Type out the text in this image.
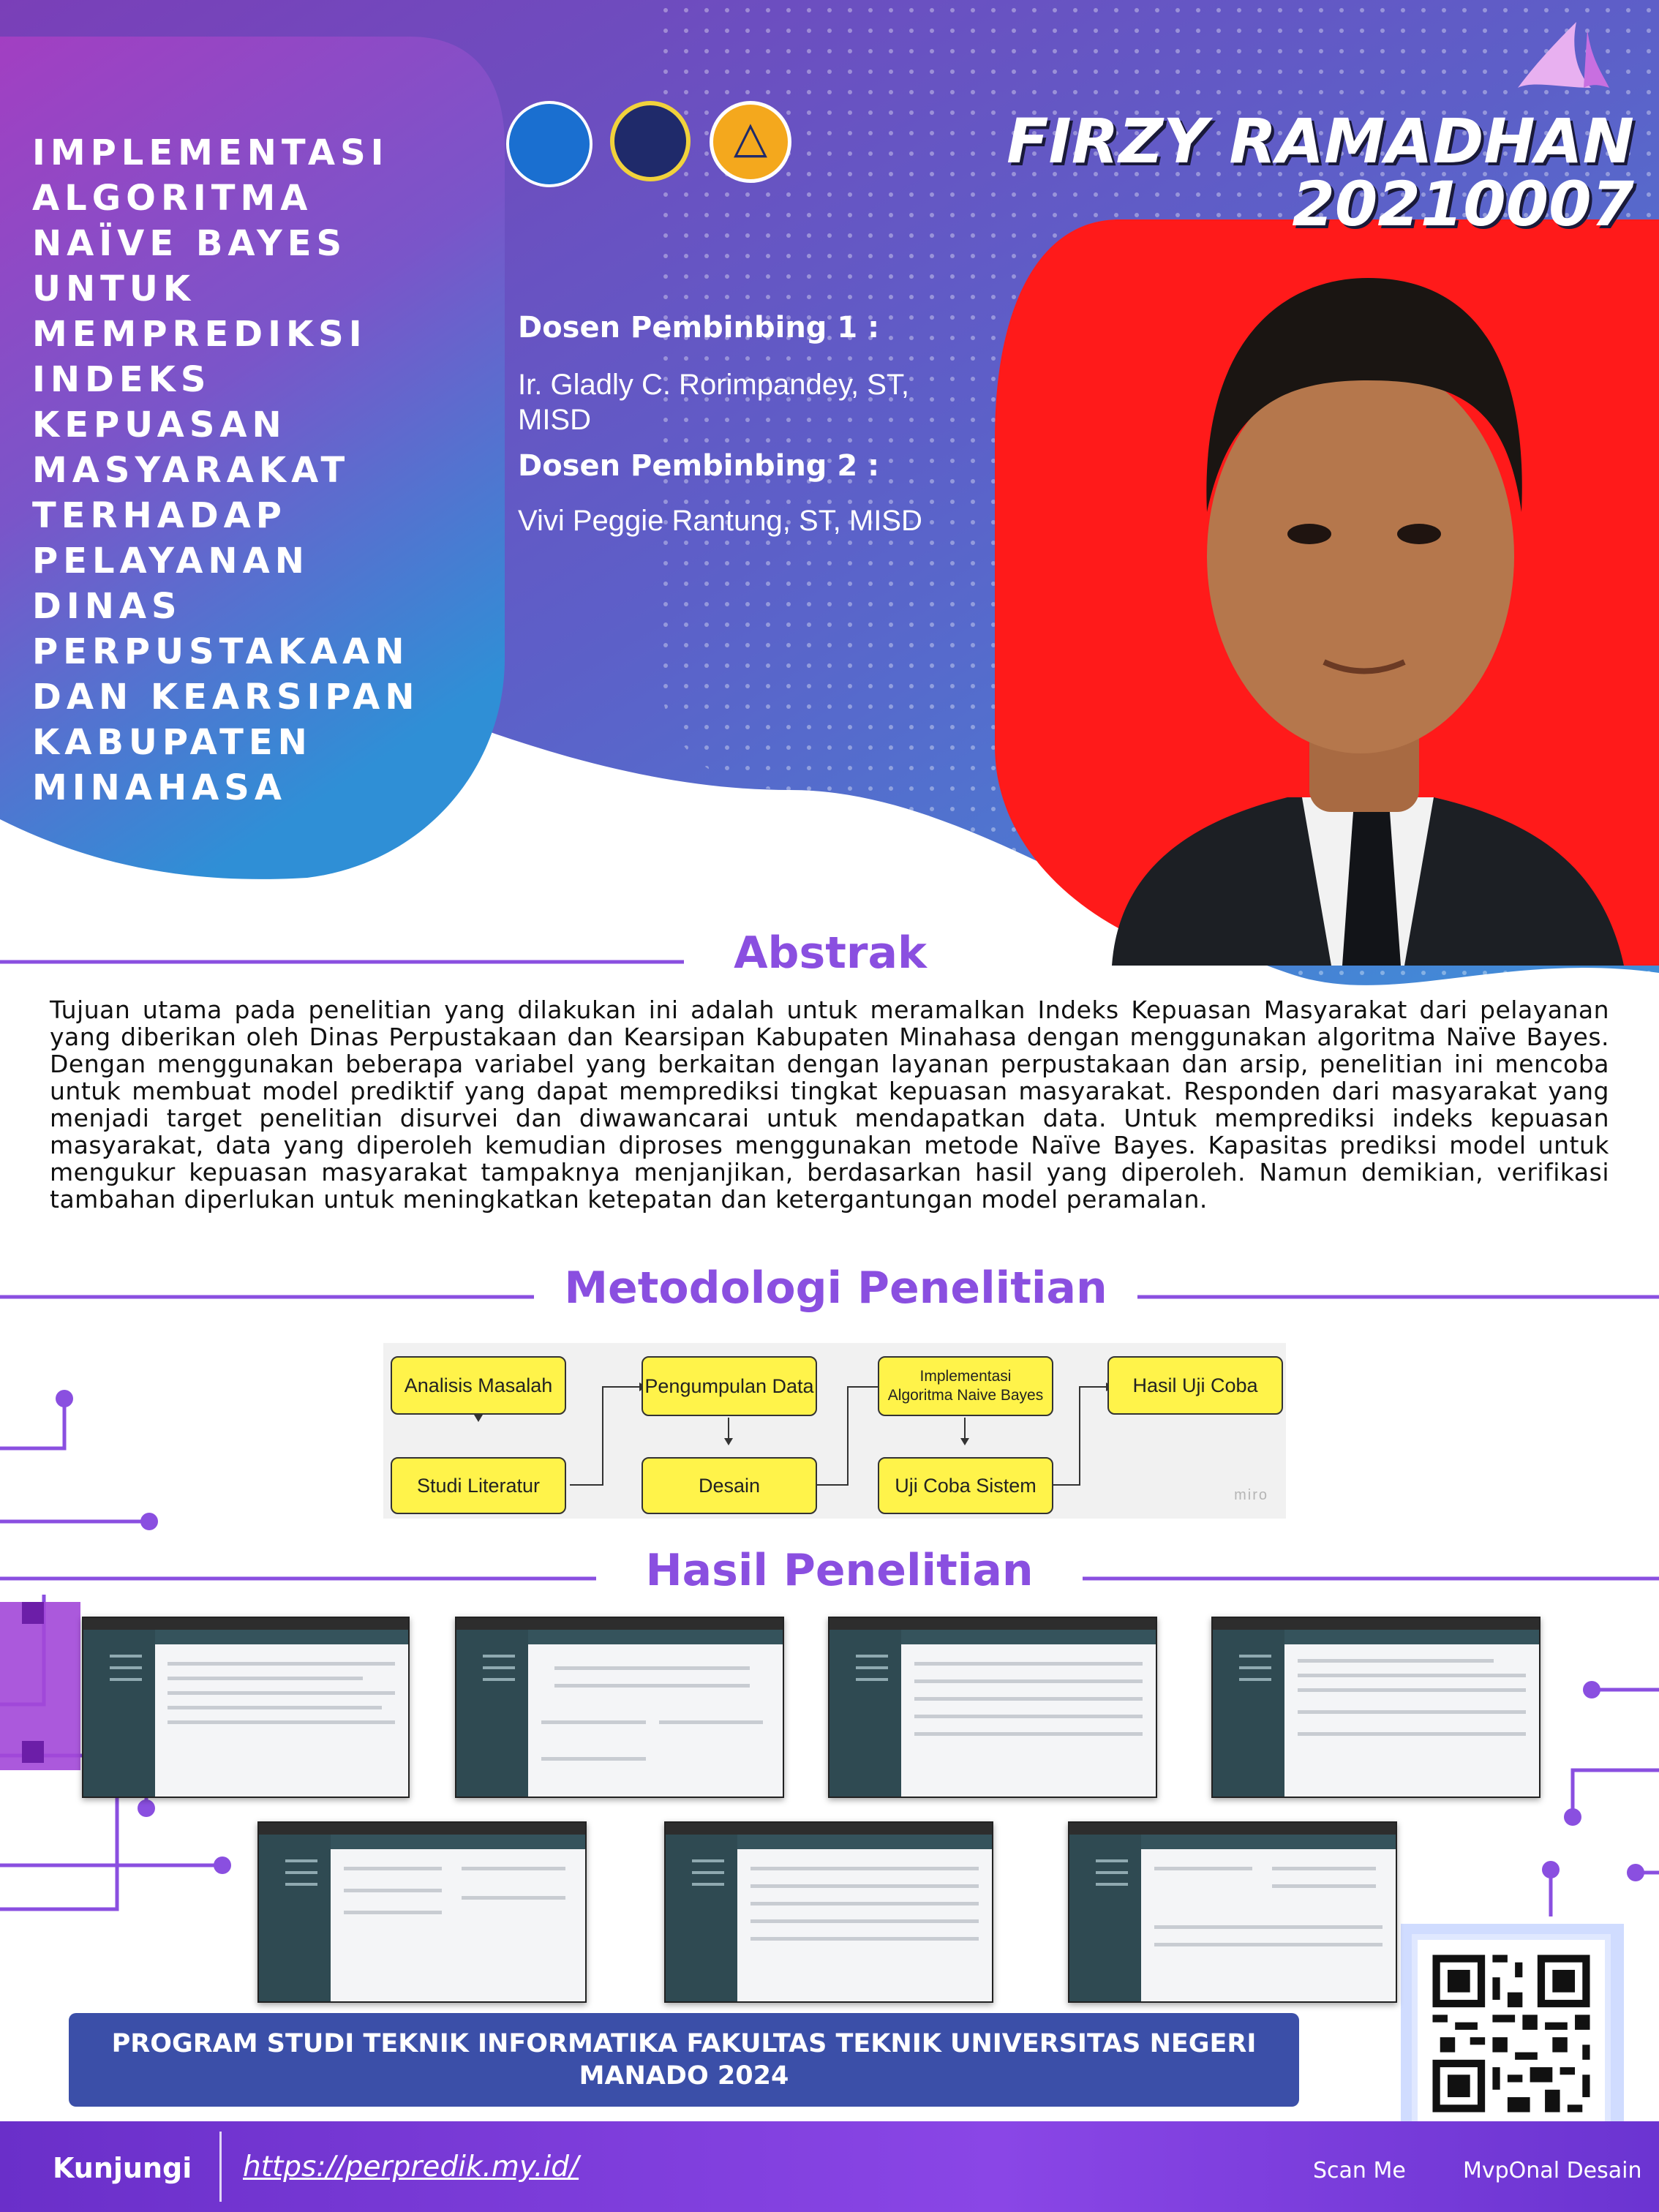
△
IMPLEMENTASI
ALGORITMA
NAÏVE BAYES
UNTUK
MEMPREDIKSI
INDEKS
KEPUASAN
MASYARAKAT
TERHADAP
PELAYANAN
DINAS
PERPUSTAKAAN
DAN KEARSIPAN
KABUPATEN
MINAHASA
FIRZY RAMADHAN
20210007
Dosen Pembinbing 1 :
Ir. Gladly C. Rorimpandey, ST, MISD
Dosen Pembinbing 2 :
Vivi Peggie Rantung, ST, MISD
Abstrak
Metodologi Penelitian
Hasil Penelitian
Tujuan utama pada penelitian yang dilakukan ini adalah untuk meramalkan Indeks Kepuasan Masyarakat dari pelayanan yang diberikan oleh Dinas Perpustakaan dan Kearsipan Kabupaten Minahasa dengan menggunakan algoritma Naïve Bayes. Dengan menggunakan beberapa variabel yang berkaitan dengan layanan perpustakaan dan arsip, penelitian ini mencoba untuk membuat model prediktif yang dapat memprediksi tingkat kepuasan masyarakat. Responden dari masyarakat yang menjadi target penelitian disurvei dan diwawancarai untuk mendapatkan data. Untuk memprediksi indeks kepuasan masyarakat, data yang diperoleh kemudian diproses menggunakan metode Naïve Bayes. Kapasitas prediksi model untuk mengukur kepuasan masyarakat tampaknya menjanjikan, berdasarkan hasil yang diperoleh. Namun demikian, verifikasi tambahan diperlukan untuk meningkatkan ketepatan dan ketergantungan model peramalan.
Analisis Masalah
Studi Literatur
Pengumpulan Data
Desain
Implementasi Algoritma Naive Bayes
Uji Coba Sistem
Hasil Uji Coba
miro
PROGRAM STUDI TEKNIK INFORMATIKA FAKULTAS TEKNIK UNIVERSITAS NEGERI MANADO 2024
Kunjungi https://perpredik.my.id/	Scan Me	MvpOnal Desain
